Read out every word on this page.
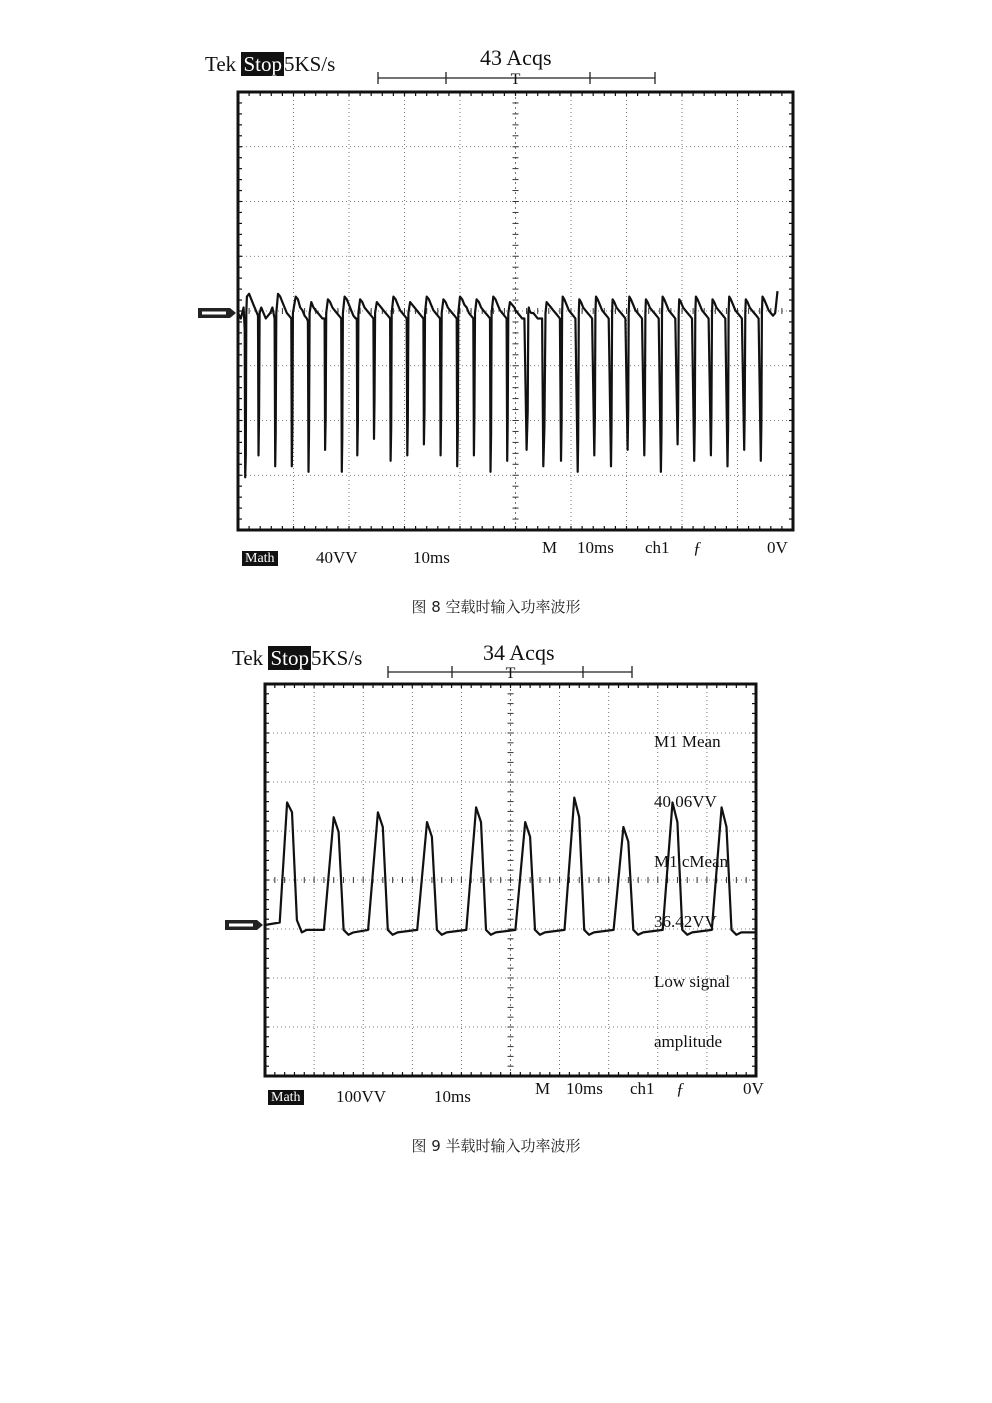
Tek Stop5KS/s	43 Acqs
T
Math 40VV	10ms
M 10ms ch1 ƒ	0V
图 8 空载时输入功率波形
Tek Stop5KS/s	34 Acqs
T

M1 Mean

40.06VV

M1 cMean

36.42VV

Low signal

amplitude

Math 100VV	10ms	M 10ms ch1 ƒ	0V
图 9 半载时输入功率波形
